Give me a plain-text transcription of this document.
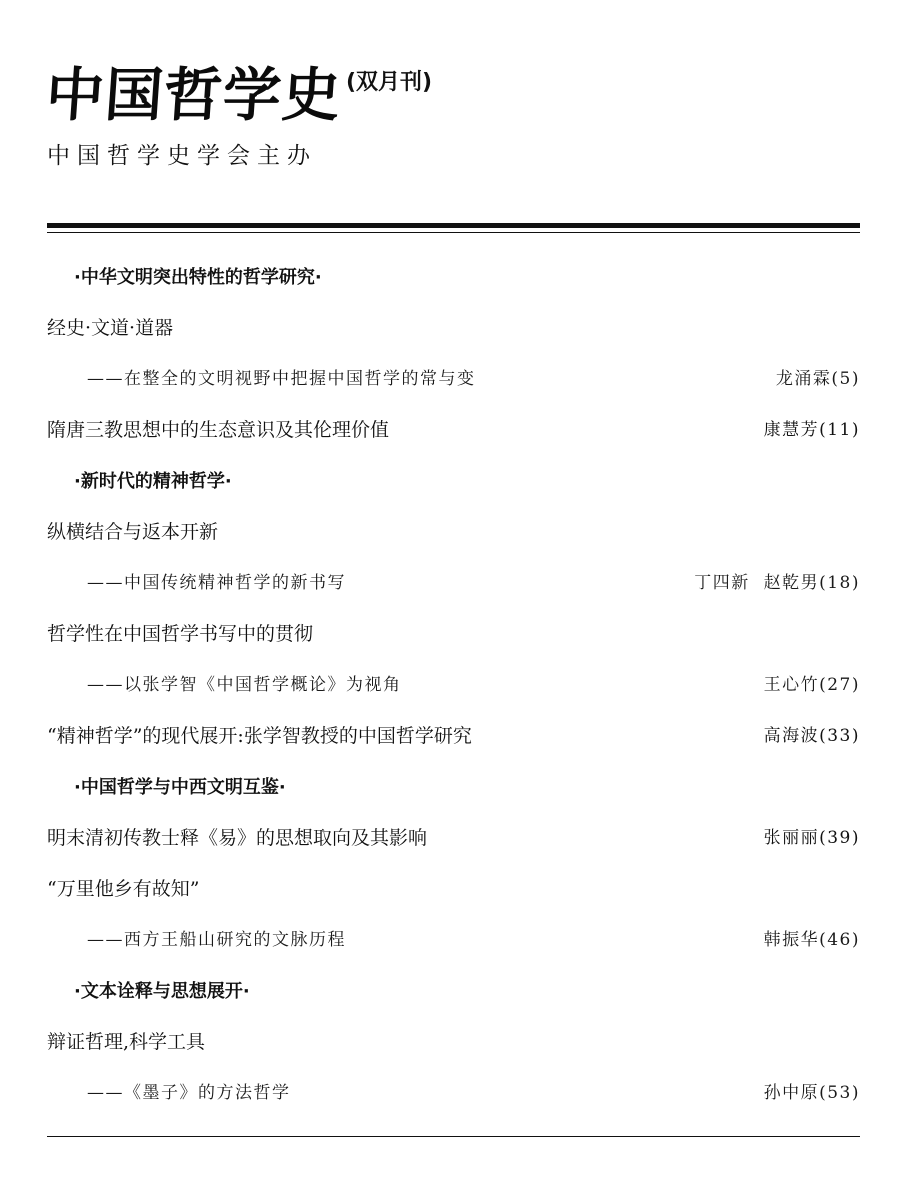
中国哲学史 (双月刊)
中国哲学史学会主办
·中华文明突出特性的哲学研究·
经史·文道·道器
——在整全的文明视野中把握中国哲学的常与变	龙涌霖(5)
隋唐三教思想中的生态意识及其伦理价值	康慧芳(11)
·新时代的精神哲学·
纵横结合与返本开新
——中国传统精神哲学的新书写	丁四新  赵乾男(18)
哲学性在中国哲学书写中的贯彻
——以张学智《中国哲学概论》为视角	王心竹(27)
“精神哲学”的现代展开:张学智教授的中国哲学研究	高海波(33)
·中国哲学与中西文明互鉴·
明末清初传教士释《易》的思想取向及其影响	张丽丽(39)
“万里他乡有故知”
——西方王船山研究的文脉历程	韩振华(46)
·文本诠释与思想展开·
辩证哲理,科学工具
——《墨子》的方法哲学	孙中原(53)
